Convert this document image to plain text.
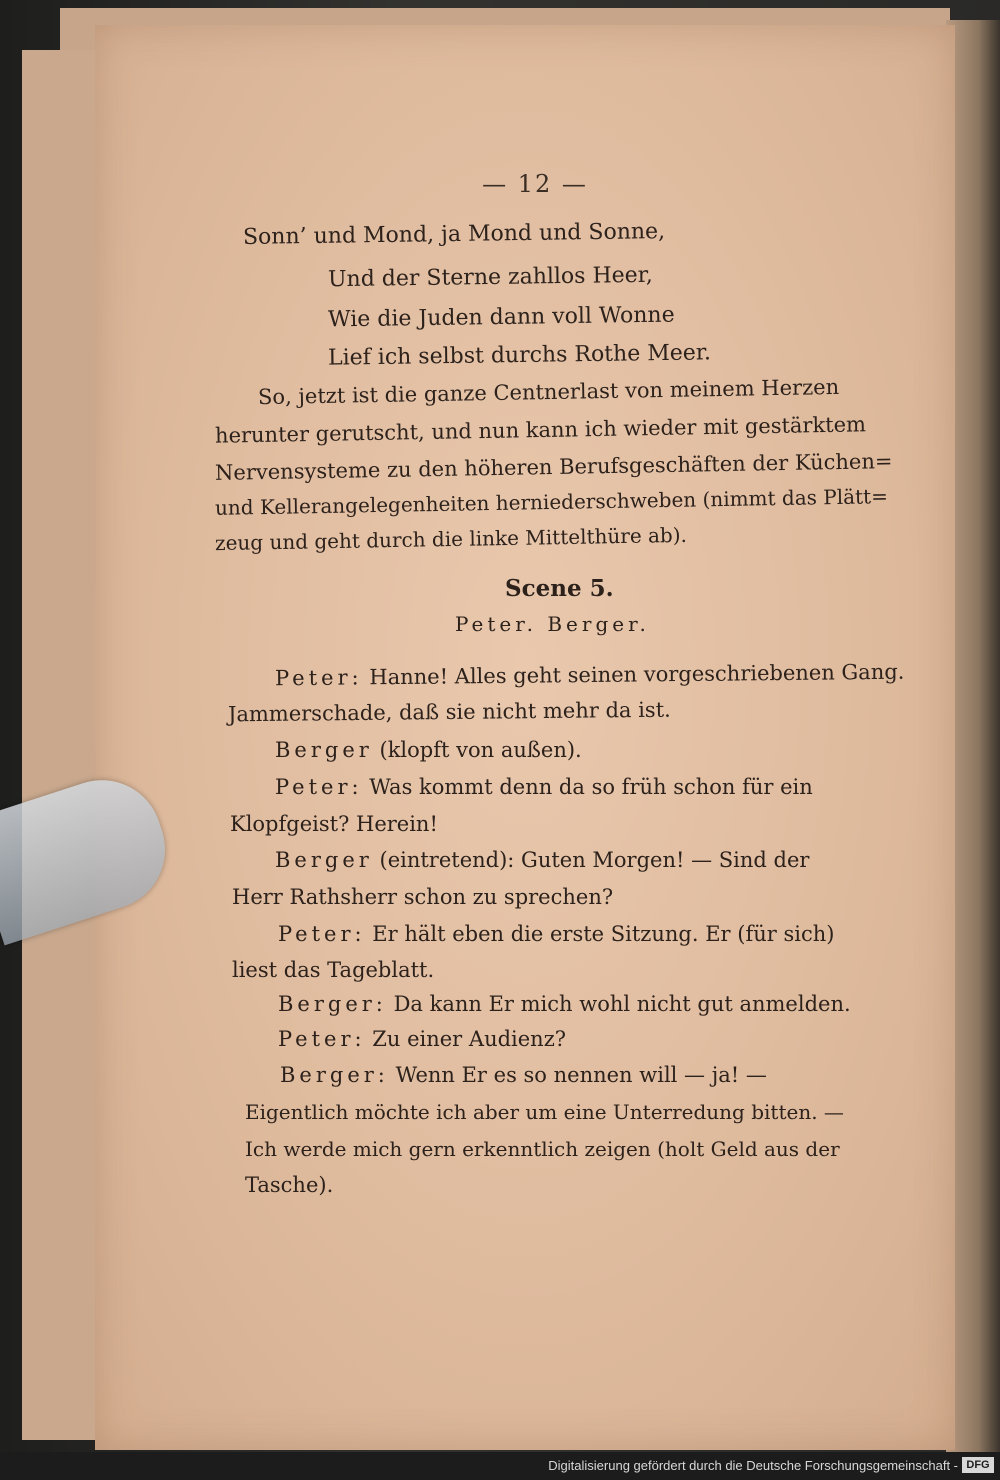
— 12 —
Sonn’ und Mond, ja Mond und Sonne,
Und der Sterne zahllos Heer,
Wie die Juden dann voll Wonne
Lief ich selbst durchs Rothe Meer.
So, jetzt ist die ganze Centnerlast von meinem Herzen
herunter gerutscht, und nun kann ich wieder mit gestärktem
Nervensysteme zu den höheren Berufsgeschäften der Küchen=
und Kellerangelegenheiten herniederschweben (nimmt das Plätt=
zeug und geht durch die linke Mittelthüre ab).
Scene 5.
Peter. Berger.
Peter: Hanne! Alles geht seinen vorgeschriebenen Gang.
Jammerschade, daß sie nicht mehr da ist.
Berger (klopft von außen).
Peter: Was kommt denn da so früh schon für ein
Klopfgeist? Herein!
Berger (eintretend): Guten Morgen! — Sind der
Herr Rathsherr schon zu sprechen?
Peter: Er hält eben die erste Sitzung. Er (für sich)
liest das Tageblatt.
Berger: Da kann Er mich wohl nicht gut anmelden.
Peter: Zu einer Audienz?
Berger: Wenn Er es so nennen will — ja! —
Eigentlich möchte ich aber um eine Unterredung bitten. —
Ich werde mich gern erkenntlich zeigen (holt Geld aus der
Tasche).
Digitalisierung gefördert durch die Deutsche Forschungsgemeinschaft - DFG
